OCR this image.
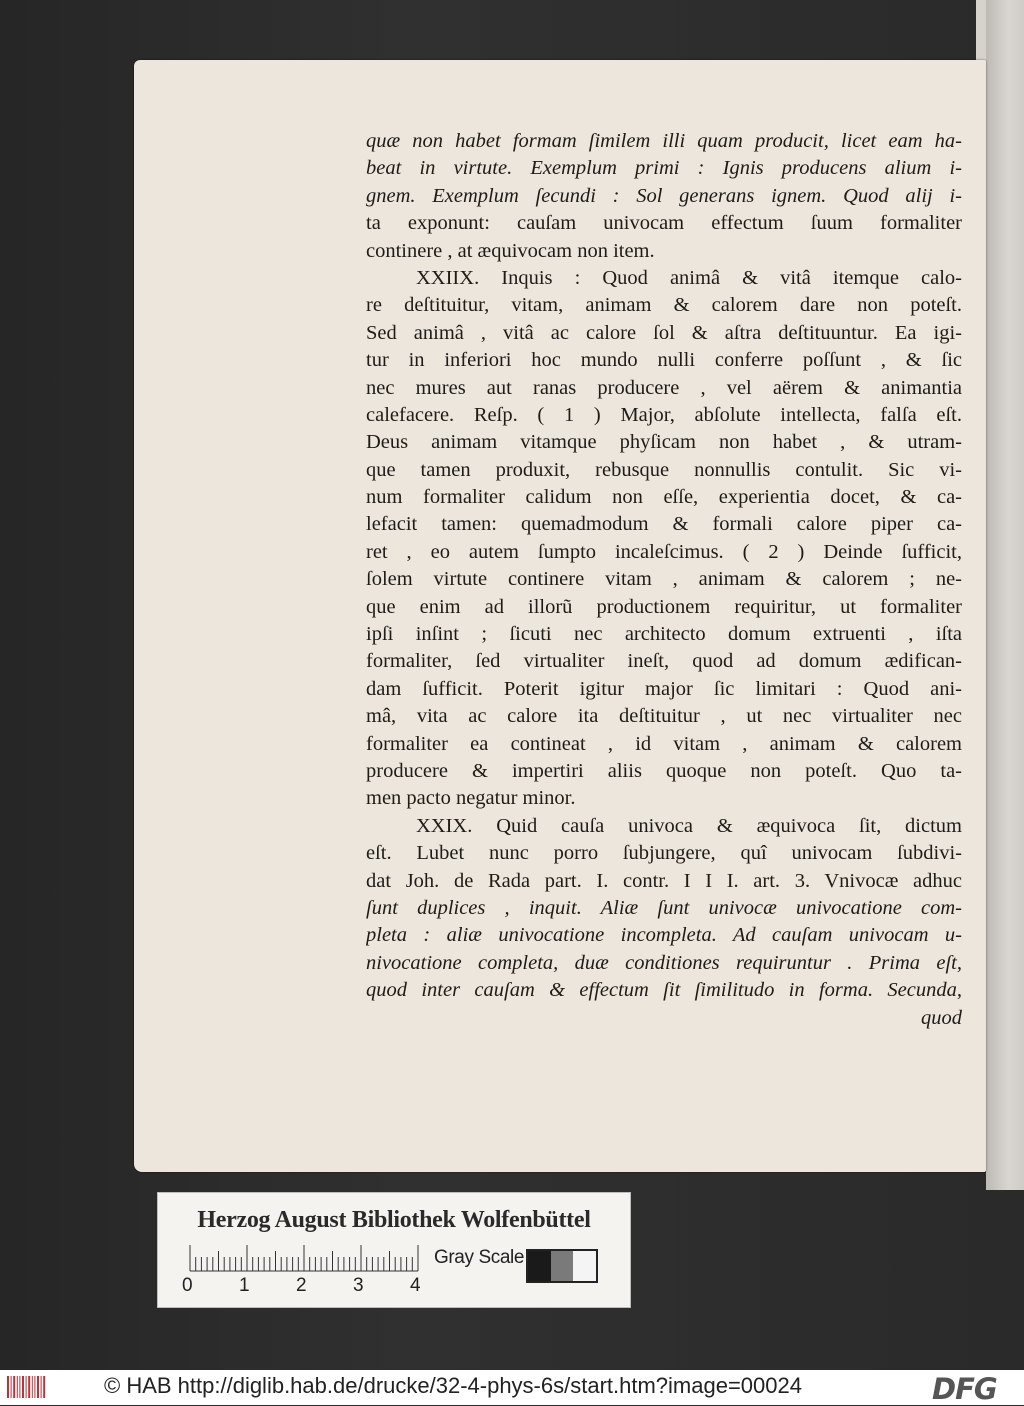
quæ non habet formam ſimilem illi quam producit, licet eam ha-
beat in virtute. Exemplum primi : Ignis producens alium i-
gnem. Exemplum ſecundi : Sol generans ignem. Quod alij i-
ta exponunt: cauſam univocam effectum ſuum formaliter
continere , at æquivocam non item.
XXIIX. Inquis : Quod animâ & vitâ itemque calo-
re deſtituitur, vitam, animam & calorem dare non poteſt.
Sed animâ , vitâ ac calore ſol & aſtra deſtituuntur. Ea igi-
tur in inferiori hoc mundo nulli conferre poſſunt , & ſic
nec mures aut ranas producere , vel aërem & animantia
calefacere. Reſp. ( 1 ) Major, abſolute intellecta, falſa eſt.
Deus animam vitamque phyſicam non habet , & utram-
que tamen produxit, rebusque nonnullis contulit. Sic vi-
num formaliter calidum non eſſe, experientia docet, & ca-
lefacit tamen: quemadmodum & formali calore piper ca-
ret , eo autem ſumpto incaleſcimus. ( 2 ) Deinde ſufficit,
ſolem virtute continere vitam , animam & calorem ; ne-
que enim ad illorũ productionem requiritur, ut formaliter
ipſi inſint ; ſicuti nec architecto domum extruenti , iſta
formaliter, ſed virtualiter ineſt, quod ad domum ædifican-
dam ſufficit. Poterit igitur major ſic limitari : Quod ani-
mâ, vita ac calore ita deſtituitur , ut nec virtualiter nec
formaliter ea contineat , id vitam , animam & calorem
producere & impertiri aliis quoque non poteſt. Quo ta-
men pacto negatur minor.
XXIX. Quid cauſa univoca & æquivoca ſit, dictum
eſt. Lubet nunc porro ſubjungere, quî univocam ſubdivi-
dat Joh. de Rada part. I. contr. I I I. art. 3. Vnivocæ adhuc
ſunt duplices , inquit. Aliæ ſunt univocæ univocatione com-
pleta : aliæ univocatione incompleta. Ad cauſam univocam u-
nivocatione completa, duæ conditiones requiruntur . Prima eſt,
quod inter cauſam & effectum ſit ſimilitudo in forma. Secunda,
quod
Herzog August Bibliothek Wolfenbüttel
0 1 2 3 4
Gray Scale
© HAB http://diglib.hab.de/drucke/32-4-phys-6s/start.htm?image=00024	DFG
